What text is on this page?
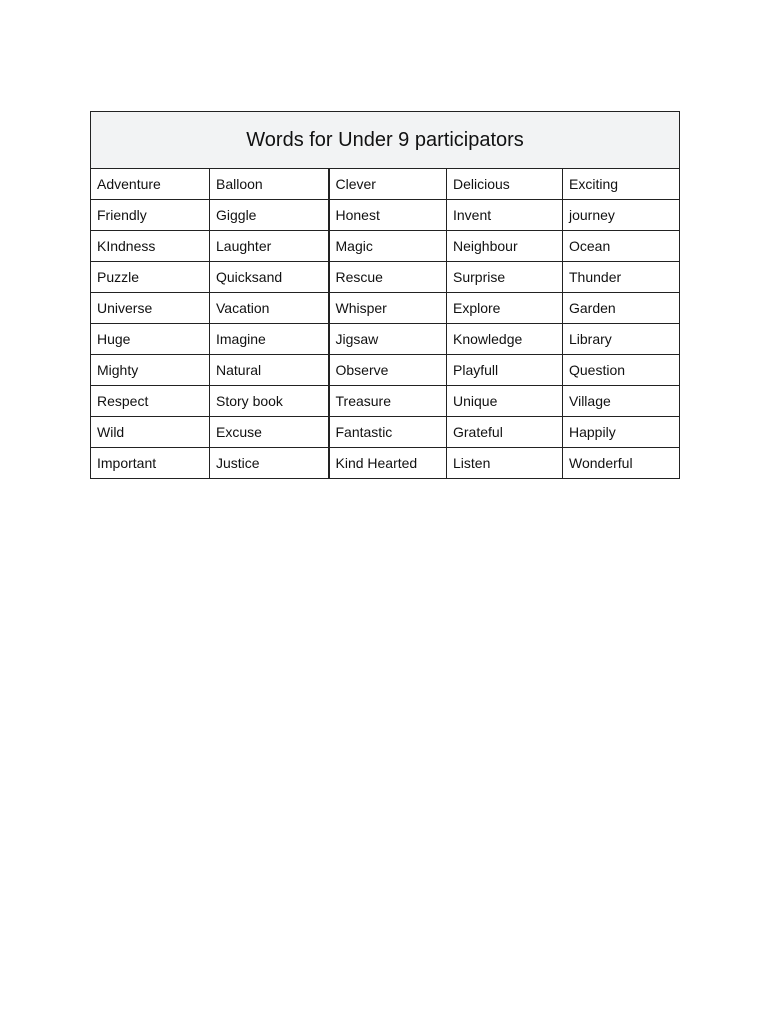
Words for Under 9 participators				
Adventure	Balloon	Clever	Delicious	Exciting
Friendly	Giggle	Honest	Invent	journey
KIndness	Laughter	Magic	Neighbour	Ocean
Puzzle	Quicksand	Rescue	Surprise	Thunder
Universe	Vacation	Whisper	Explore	Garden
Huge	Imagine	Jigsaw	Knowledge	Library
Mighty	Natural	Observe	Playfull	Question
Respect	Story book	Treasure	Unique	Village
Wild	Excuse	Fantastic	Grateful	Happily
Important	Justice	Kind Hearted	Listen	Wonderful
